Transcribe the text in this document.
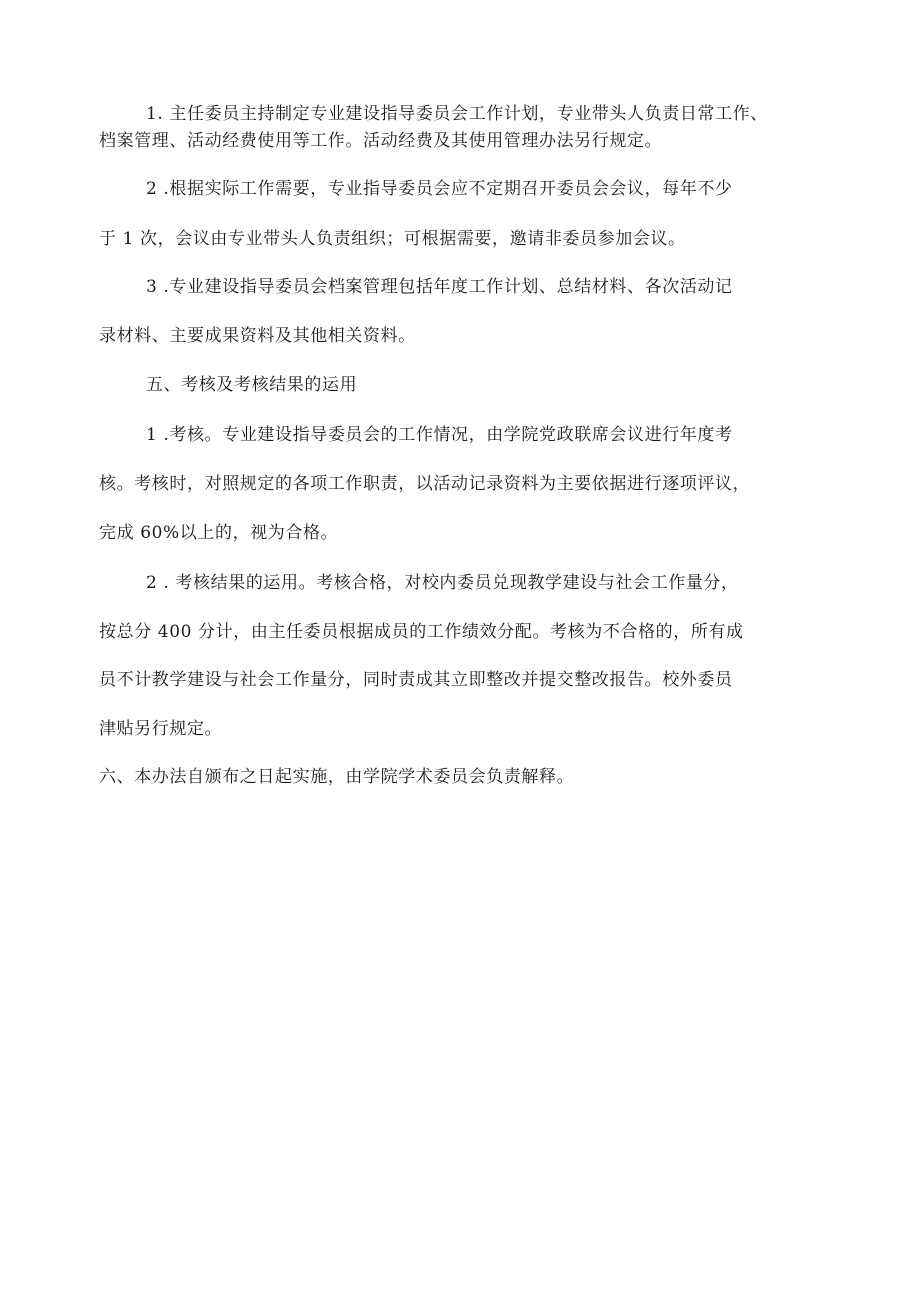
1. 主任委员主持制定专业建设指导委员会工作计划，专业带头人负责日常工作、
档案管理、活动经费使用等工作。活动经费及其使用管理办法另行规定。
2 .根据实际工作需要，专业指导委员会应不定期召开委员会会议，每年不少
于 1 次，会议由专业带头人负责组织；可根据需要，邀请非委员参加会议。
3 .专业建设指导委员会档案管理包括年度工作计划、总结材料、各次活动记
录材料、主要成果资料及其他相关资料。
五、考核及考核结果的运用
1 .考核。专业建设指导委员会的工作情况，由学院党政联席会议进行年度考
核。考核时，对照规定的各项工作职责，以活动记录资料为主要依据进行逐项评议，
完成 60%以上的，视为合格。
2 . 考核结果的运用。考核合格，对校内委员兑现教学建设与社会工作量分，
按总分 400 分计，由主任委员根据成员的工作绩效分配。考核为不合格的，所有成
员不计教学建设与社会工作量分，同时责成其立即整改并提交整改报告。校外委员
津贴另行规定。
六、本办法自颁布之日起实施，由学院学术委员会负责解释。
